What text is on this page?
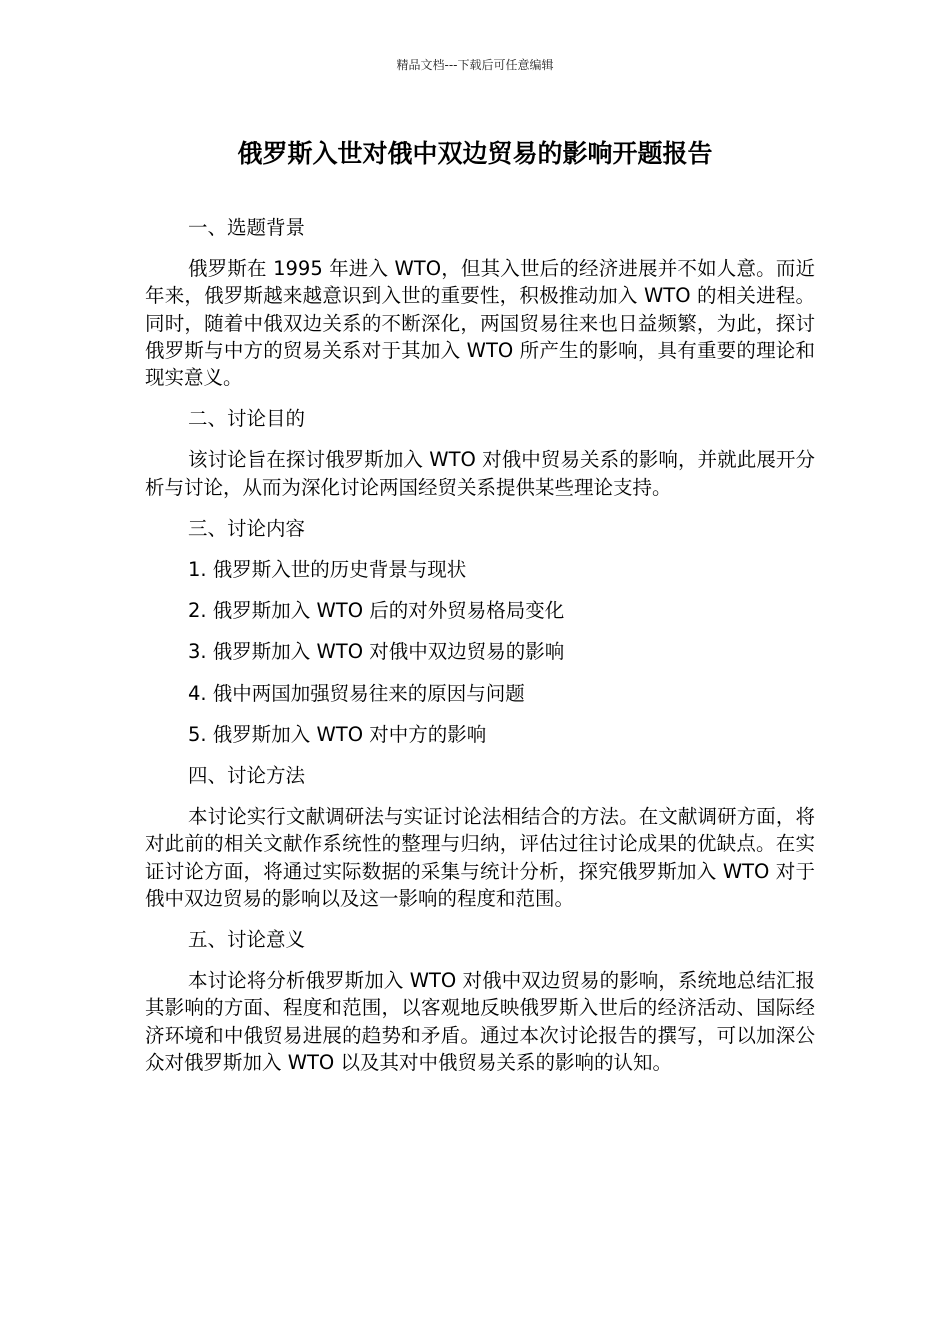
精品文档---下载后可任意编辑
俄罗斯入世对俄中双边贸易的影响开题报告

一、选题背景

俄罗斯在 1995 年进入 WTO，但其入世后的经济进展并不如人意。而近年来，俄罗斯越来越意识到入世的重要性，积极推动加入 WTO 的相关进程。同时，随着中俄双边关系的不断深化，两国贸易往来也日益频繁，为此，探讨俄罗斯与中方的贸易关系对于其加入 WTO 所产生的影响，具有重要的理论和现实意义。

二、讨论目的

该讨论旨在探讨俄罗斯加入 WTO 对俄中贸易关系的影响，并就此展开分析与讨论，从而为深化讨论两国经贸关系提供某些理论支持。

三、讨论内容

1. 俄罗斯入世的历史背景与现状

2. 俄罗斯加入 WTO 后的对外贸易格局变化

3. 俄罗斯加入 WTO 对俄中双边贸易的影响

4. 俄中两国加强贸易往来的原因与问题

5. 俄罗斯加入 WTO 对中方的影响

四、讨论方法

本讨论实行文献调研法与实证讨论法相结合的方法。在文献调研方面，将对此前的相关文献作系统性的整理与归纳，评估过往讨论成果的优缺点。在实证讨论方面，将通过实际数据的采集与统计分析，探究俄罗斯加入 WTO 对于俄中双边贸易的影响以及这一影响的程度和范围。

五、讨论意义

本讨论将分析俄罗斯加入 WTO 对俄中双边贸易的影响，系统地总结汇报其影响的方面、程度和范围，以客观地反映俄罗斯入世后的经济活动、国际经济环境和中俄贸易进展的趋势和矛盾。通过本次讨论报告的撰写，可以加深公众对俄罗斯加入 WTO 以及其对中俄贸易关系的影响的认知。
